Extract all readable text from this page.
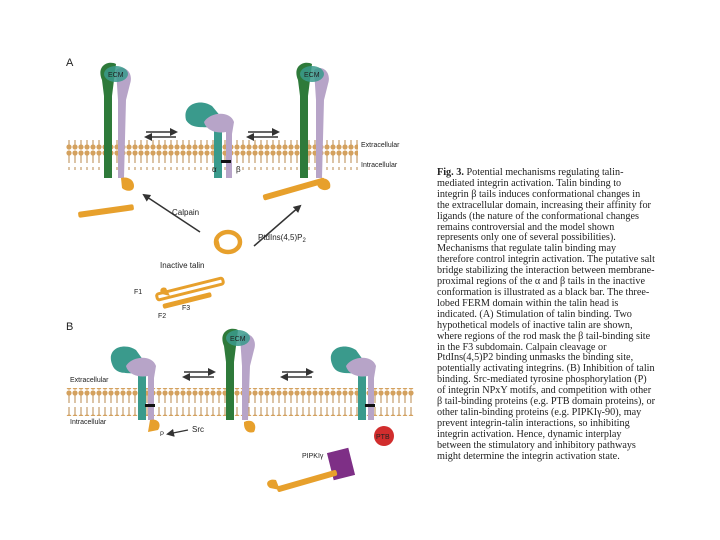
A
Extracellular
Intracellular
ECM
α β
ECM
Calpain
$PtdIns(4,5)P_2$
Inactive talin
F1
F2
F3
B
Extracellular
Intracellular
P
Src
ECM
PTB
PIPKIγ
Fig. 3. Potential mechanisms regulating talin-mediated integrin activation. Talin binding to integrin β tails induces conformational changes in the extracellular domain, increasing their affinity for ligands (the nature of the conformational changes remains controversial and the model shown represents only one of several possibilities). Mechanisms that regulate talin binding may therefore control integrin activation. The putative salt bridge stabilizing the interaction between membrane-proximal regions of the α and β tails in the inactive conformation is illustrated as a black bar. The three-lobed FERM domain within the talin head is indicated. (A) Stimulation of talin binding. Two hypothetical models of inactive talin are shown, where regions of the rod mask the β tail-binding site in the F3 subdomain. Calpain cleavage or PtdIns(4,5)P2 binding unmasks the binding site, potentially activating integrins. (B) Inhibition of talin binding. Src-mediated tyrosine phosphorylation (P) of integrin NPxY motifs, and competition with other β tail-binding proteins (e.g. PTB domain proteins), or other talin-binding proteins (e.g. PIPKIγ-90), may prevent integrin-talin interactions, so inhibiting integrin activation. Hence, dynamic interplay between the stimulatory and inhibitory pathways might determine the integrin activation state.
